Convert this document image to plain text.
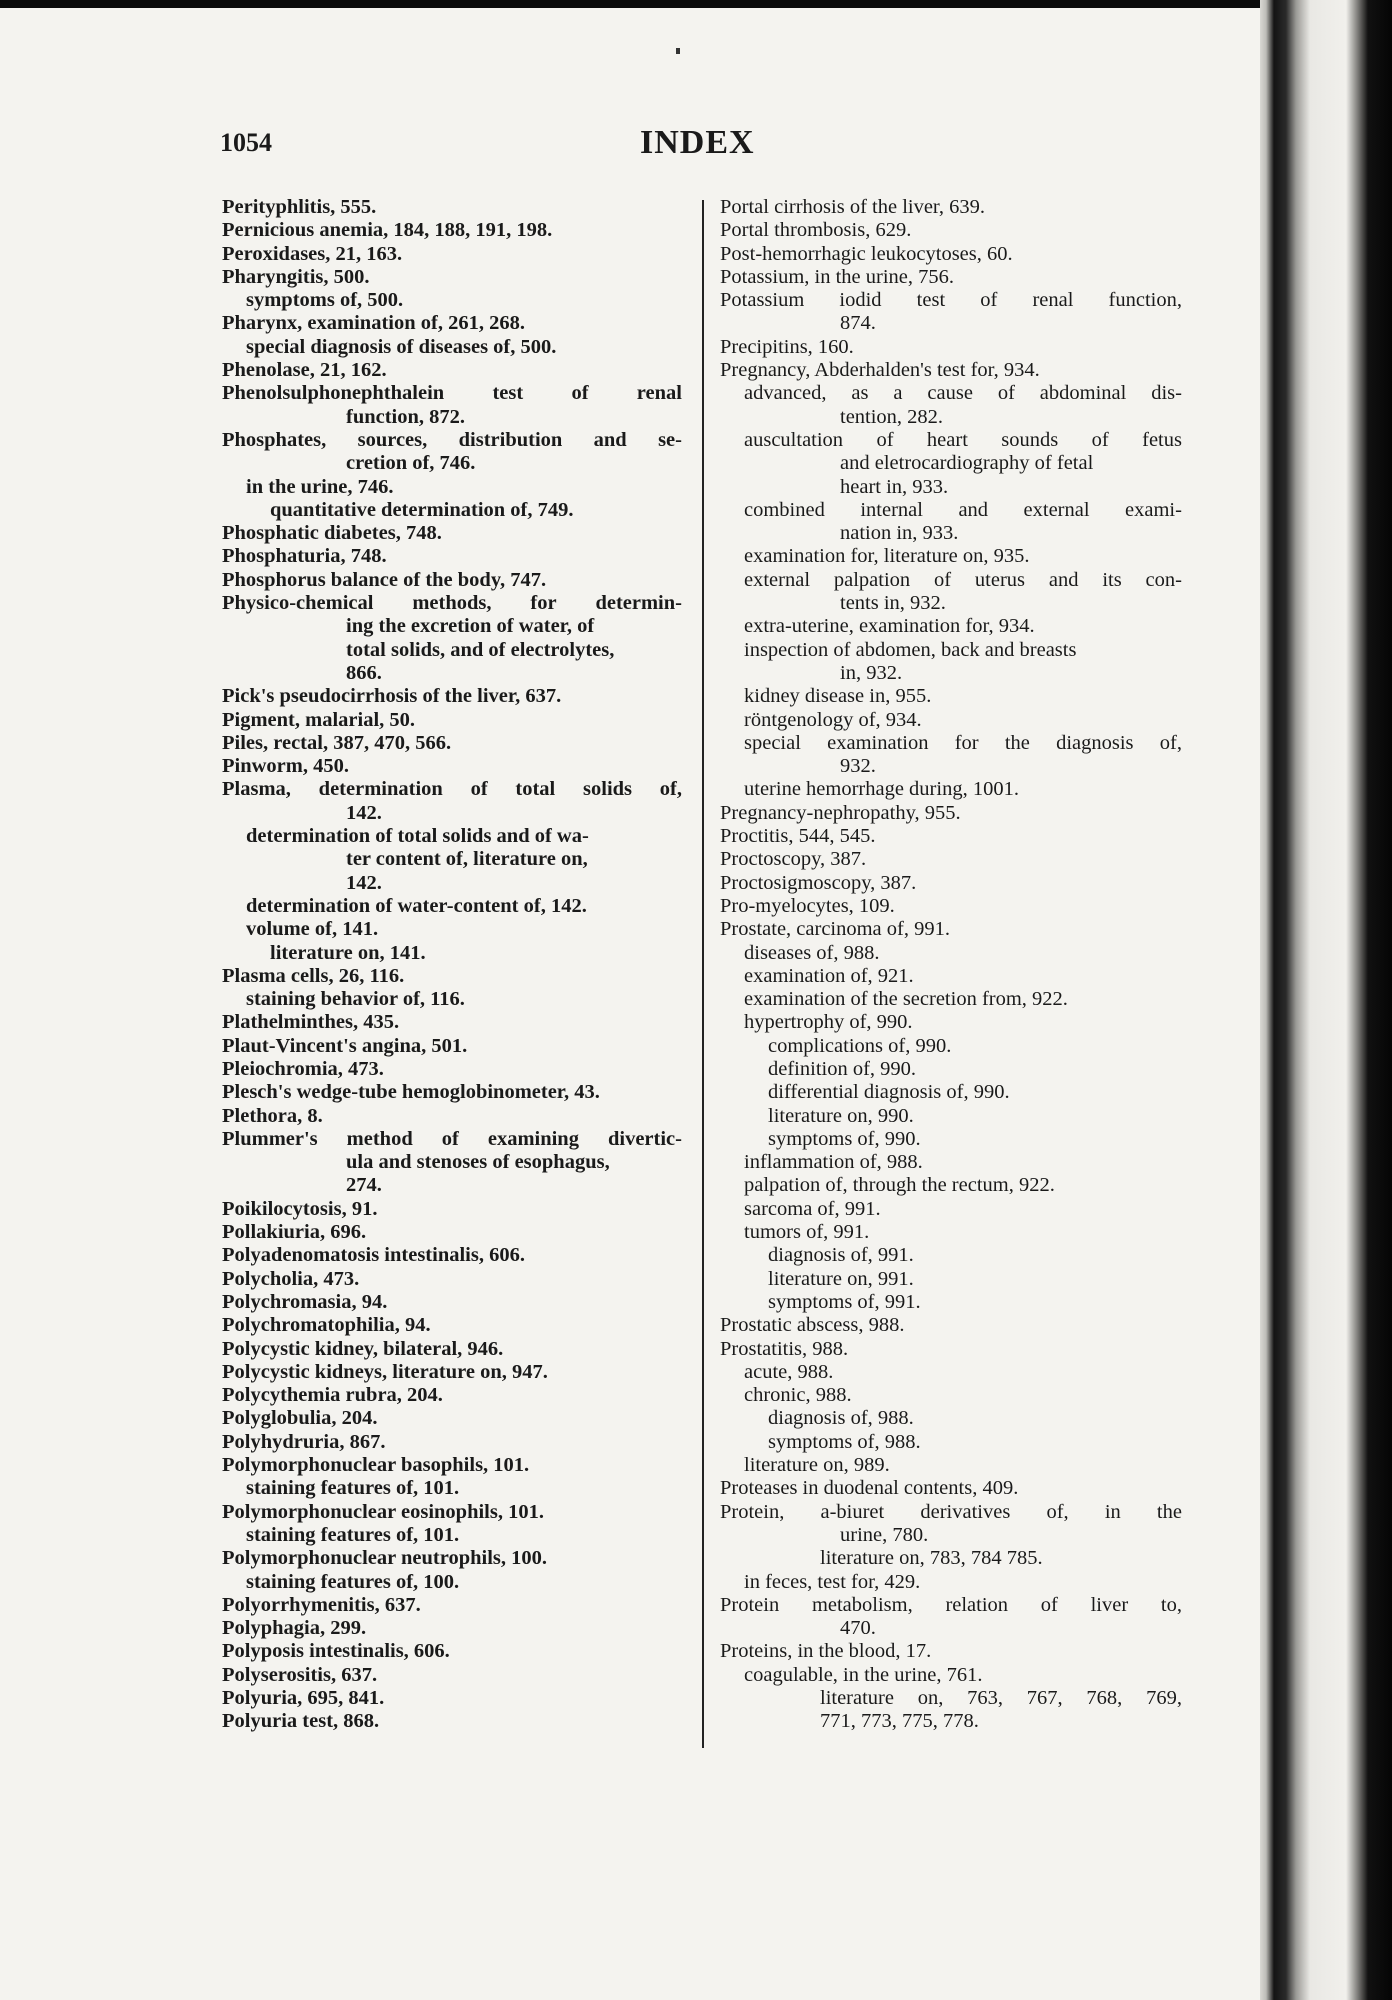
1054	INDEX
Perityphlitis, 555.
Pernicious anemia, 184, 188, 191, 198.
Peroxidases, 21, 163.
Pharyngitis, 500.
symptoms of, 500.
Pharynx, examination of, 261, 268.
special diagnosis of diseases of, 500.
Phenolase, 21, 162.
Phenolsulphonephthalein test of renal
function, 872.
Phosphates, sources, distribution and se-
cretion of, 746.
in the urine, 746.
quantitative determination of, 749.
Phosphatic diabetes, 748.
Phosphaturia, 748.
Phosphorus balance of the body, 747.
Physico-chemical methods, for determin-
ing the excretion of water, of
total solids, and of electrolytes,
866.
Pick's pseudocirrhosis of the liver, 637.
Pigment, malarial, 50.
Piles, rectal, 387, 470, 566.
Pinworm, 450.
Plasma, determination of total solids of,
142.
determination of total solids and of wa-
ter content of, literature on,
142.
determination of water-content of, 142.
volume of, 141.
literature on, 141.
Plasma cells, 26, 116.
staining behavior of, 116.
Plathelminthes, 435.
Plaut-Vincent's angina, 501.
Pleiochromia, 473.
Plesch's wedge-tube hemoglobinometer, 43.
Plethora, 8.
Plummer's method of examining divertic-
ula and stenoses of esophagus,
274.
Poikilocytosis, 91.
Pollakiuria, 696.
Polyadenomatosis intestinalis, 606.
Polycholia, 473.
Polychromasia, 94.
Polychromatophilia, 94.
Polycystic kidney, bilateral, 946.
Polycystic kidneys, literature on, 947.
Polycythemia rubra, 204.
Polyglobulia, 204.
Polyhydruria, 867.
Polymorphonuclear basophils, 101.
staining features of, 101.
Polymorphonuclear eosinophils, 101.
staining features of, 101.
Polymorphonuclear neutrophils, 100.
staining features of, 100.
Polyorrhymenitis, 637.
Polyphagia, 299.
Polyposis intestinalis, 606.
Polyserositis, 637.
Polyuria, 695, 841.
Polyuria test, 868.
Portal cirrhosis of the liver, 639.
Portal thrombosis, 629.
Post-hemorrhagic leukocytoses, 60.
Potassium, in the urine, 756.
Potassium iodid test of renal function,
874.
Precipitins, 160.
Pregnancy, Abderhalden's test for, 934.
advanced, as a cause of abdominal dis-
tention, 282.
auscultation of heart sounds of fetus
and eletrocardiography of fetal
heart in, 933.
combined internal and external exami-
nation in, 933.
examination for, literature on, 935.
external palpation of uterus and its con-
tents in, 932.
extra-uterine, examination for, 934.
inspection of abdomen, back and breasts
in, 932.
kidney disease in, 955.
röntgenology of, 934.
special examination for the diagnosis of,
932.
uterine hemorrhage during, 1001.
Pregnancy-nephropathy, 955.
Proctitis, 544, 545.
Proctoscopy, 387.
Proctosigmoscopy, 387.
Pro-myelocytes, 109.
Prostate, carcinoma of, 991.
diseases of, 988.
examination of, 921.
examination of the secretion from, 922.
hypertrophy of, 990.
complications of, 990.
definition of, 990.
differential diagnosis of, 990.
literature on, 990.
symptoms of, 990.
inflammation of, 988.
palpation of, through the rectum, 922.
sarcoma of, 991.
tumors of, 991.
diagnosis of, 991.
literature on, 991.
symptoms of, 991.
Prostatic abscess, 988.
Prostatitis, 988.
acute, 988.
chronic, 988.
diagnosis of, 988.
symptoms of, 988.
literature on, 989.
Proteases in duodenal contents, 409.
Protein, a-biuret derivatives of, in the
urine, 780.
literature on, 783, 784 785.
in feces, test for, 429.
Protein metabolism, relation of liver to,
470.
Proteins, in the blood, 17.
coagulable, in the urine, 761.
literature on, 763, 767, 768, 769,
771, 773, 775, 778.
